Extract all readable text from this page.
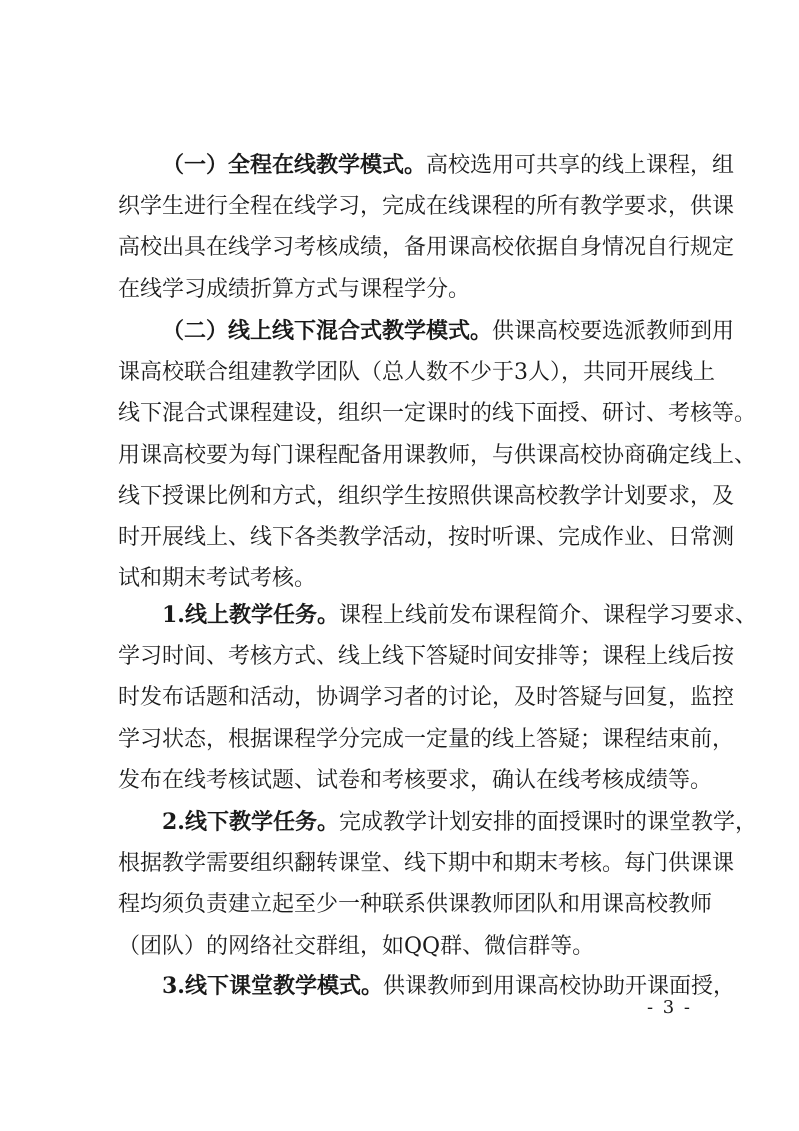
（一）全程在线教学模式。高校选用可共享的线上课程，组
织学生进行全程在线学习，完成在线课程的所有教学要求，供课
高校出具在线学习考核成绩，备用课高校依据自身情况自行规定
在线学习成绩折算方式与课程学分。
（二）线上线下混合式教学模式。供课高校要选派教师到用
课高校联合组建教学团队（总人数不少于3人），共同开展线上
线下混合式课程建设，组织一定课时的线下面授、研讨、考核等。
用课高校要为每门课程配备用课教师，与供课高校协商确定线上、
线下授课比例和方式，组织学生按照供课高校教学计划要求，及
时开展线上、线下各类教学活动，按时听课、完成作业、日常测
试和期末考试考核。
1.线上教学任务。课程上线前发布课程简介、课程学习要求、
学习时间、考核方式、线上线下答疑时间安排等；课程上线后按
时发布话题和活动，协调学习者的讨论，及时答疑与回复，监控
学习状态，根据课程学分完成一定量的线上答疑；课程结束前，
发布在线考核试题、试卷和考核要求，确认在线考核成绩等。
2.线下教学任务。完成教学计划安排的面授课时的课堂教学，
根据教学需要组织翻转课堂、线下期中和期末考核。每门供课课
程均须负责建立起至少一种联系供课教师团队和用课高校教师
（团队）的网络社交群组，如QQ群、微信群等。
3.线下课堂教学模式。供课教师到用课高校协助开课面授，
- 3 -
